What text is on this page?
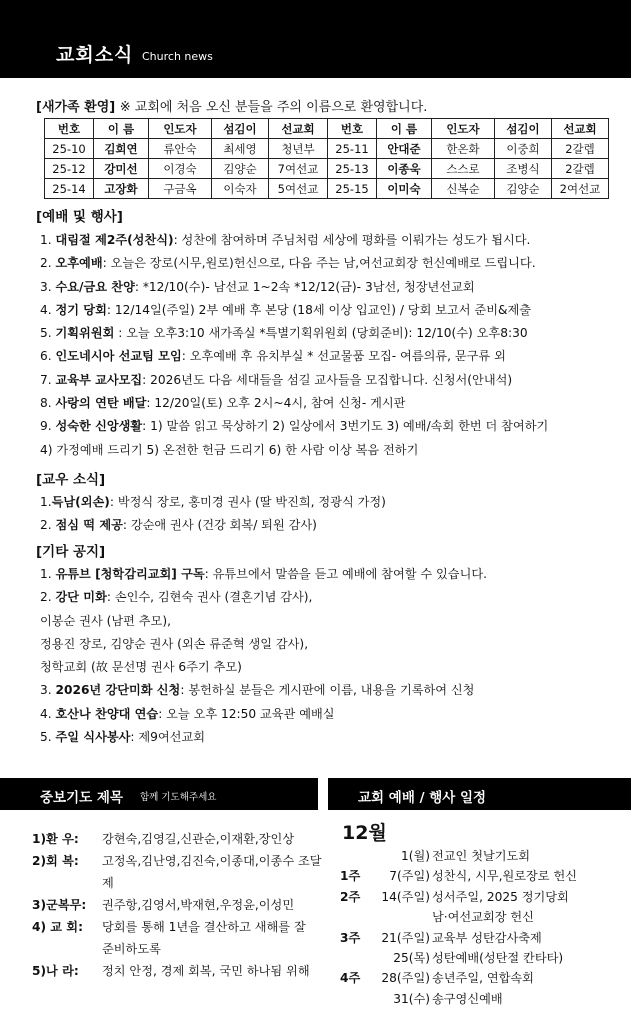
교회소식 Church news
[새가족 환영] ※ 교회에 처음 오신 분들을 주의 이름으로 환영합니다.
번호	이 름	인도자	섬김이	선교회	번호	이 름	인도자	섬김이	선교회
25-10	김희연	류안숙	최세영	청년부	25-11	안대준	한온화	이중희	2갈렙
25-12	강미선	이경숙	김양순	7여선교	25-13	이종욱	스스로	조병식	2갈렙
25-14	고장화	구금옥	이숙자	5여선교	25-15	이미숙	신복순	김양순	2여선교
[예배 및 행사]
1. 대림절 제2주(성찬식): 성찬에 참여하며 주님처럼 세상에 평화를 이뤄가는 성도가 됩시다.
2. 오후예배: 오늘은 장로(시무,원로)헌신으로, 다음 주는 남,여선교회장 헌신예배로 드립니다.
3. 수요/금요 찬양: *12/10(수)- 남선교 1~2속 *12/12(금)- 3남선, 청장년선교회
4. 정기 당회: 12/14일(주일) 2부 예배 후 본당 (18세 이상 입교인) / 당회 보고서 준비&제출
5. 기획위원회 : 오늘 오후3:10 새가족실 *특별기획위원회 (당회준비): 12/10(수) 오후8:30
6. 인도네시아 선교팀 모임: 오후예배 후 유치부실 * 선교물품 모집- 여름의류, 문구류 외
7. 교육부 교사모집: 2026년도 다음 세대들을 섬길 교사들을 모집합니다. 신청서(안내석)
8. 사랑의 연탄 배달: 12/20일(토) 오후 2시~4시, 참여 신청- 게시판
9. 성숙한 신앙생활: 1) 말씀 읽고 묵상하기 2) 일상에서 3번기도 3) 예배/속회 한번 더 참여하기
4) 가정예배 드리기 5) 온전한 헌금 드리기 6) 한 사람 이상 복음 전하기
[교우 소식]
1.득남(외손): 박정식 장로, 홍미경 권사 (딸 박진희, 정광식 가정)
2. 점심 떡 제공: 강순애 권사 (건강 회복/ 퇴원 감사)
[기타 공지]
1. 유튜브 [청학감리교회] 구독: 유튜브에서 말씀을 듣고 예배에 참여할 수 있습니다.
2. 강단 미화: 손인수, 김현숙 권사 (결혼기념 감사),
이봉순 권사 (남편 추모),
정용진 장로, 김양순 권사 (외손 류준혁 생일 감사),
청학교회 (故 문선명 권사 6주기 추모)
3. 2026년 강단미화 신청: 봉헌하실 분들은 게시판에 이름, 내용을 기록하여 신청
4. 호산나 찬양대 연습: 오늘 오후 12:50 교육관 예배실
5. 주일 식사봉사: 제9여선교회
중보기도 제목 함께 기도해주세요	교회 예배 / 행사 일정
1)환 우:	강현숙,김영길,신관순,이재환,장인상
2)회 복:	고정옥,김난영,김진숙,이종대,이종수 조달제
3)군복무:	권주항,김영서,박재현,우정윤,이성민
4) 교 회:	당회를 통해 1년을 결산하고 새해를 잘 준비하도록
5)나 라:	정치 안정, 경제 회복, 국민 하나됨 위해
12월
1(월) 전교인 첫날기도회
1주	7(주일) 성찬식, 시무,원로장로 헌신
2주	14(주일) 성서주일, 2025 정기당회
남·여선교회장 헌신
3주	21(주일) 교육부 성탄감사축제
25(목) 성탄예배(성탄절 칸타타)
4주	28(주일) 송년주일, 연합속회
31(수) 송구영신예배
